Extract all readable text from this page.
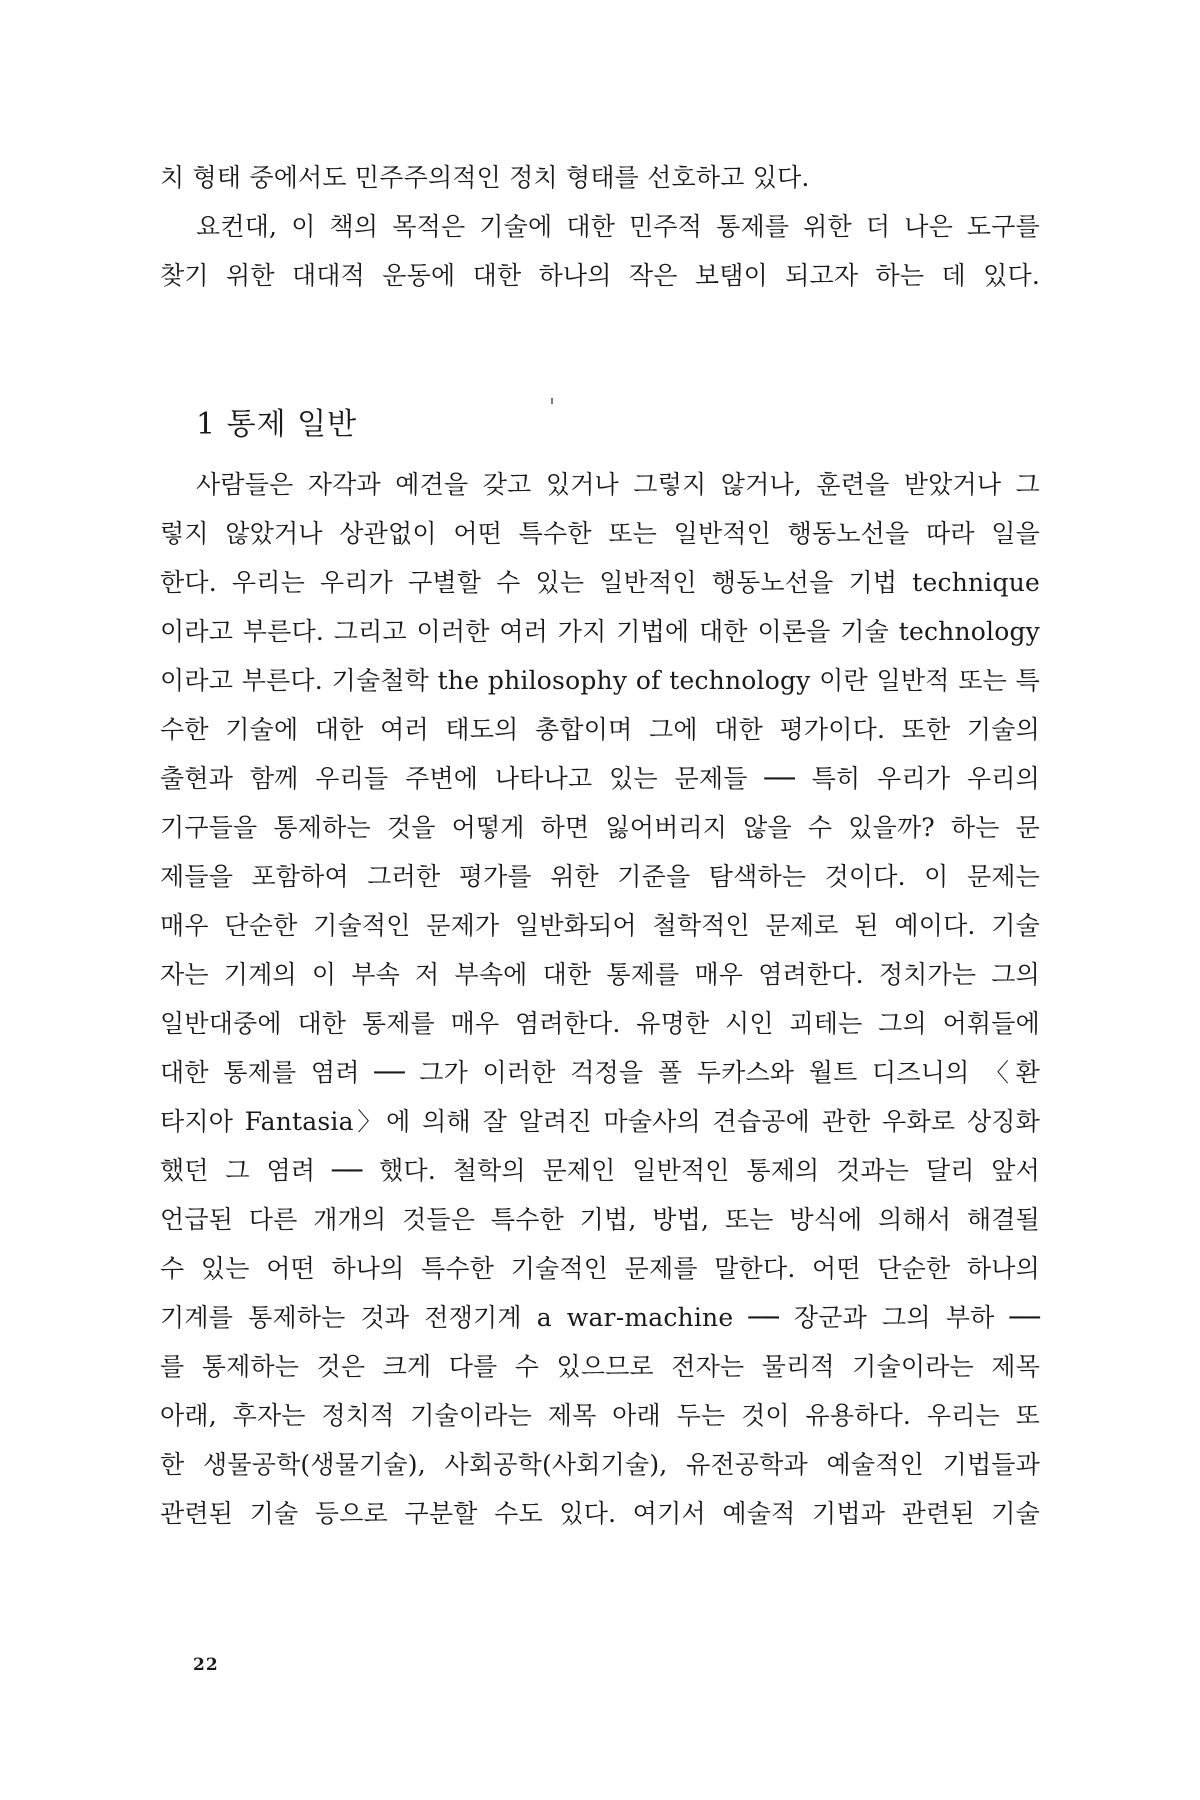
치 형태 중에서도 민주주의적인 정치 형태를 선호하고 있다.
요컨대, 이 책의 목적은 기술에 대한 민주적 통제를 위한 더 나은 도구를
찾기 위한 대대적 운동에 대한 하나의 작은 보탬이 되고자 하는 데 있다.
1 통제 일반
사람들은 자각과 예견을 갖고 있거나 그렇지 않거나, 훈련을 받았거나 그
렇지 않았거나 상관없이 어떤 특수한 또는 일반적인 행동노선을 따라 일을
한다. 우리는 우리가 구별할 수 있는 일반적인 행동노선을 기법 technique
이라고 부른다. 그리고 이러한 여러 가지 기법에 대한 이론을 기술 technology
이라고 부른다. 기술철학 the philosophy of technology 이란 일반적 또는 특
수한 기술에 대한 여러 태도의 총합이며 그에 대한 평가이다. 또한 기술의
출현과 함께 우리들 주변에 나타나고 있는 문제들 ── 특히 우리가 우리의
기구들을 통제하는 것을 어떻게 하면 잃어버리지 않을 수 있을까? 하는 문
제들을 포함하여 그러한 평가를 위한 기준을 탐색하는 것이다. 이 문제는
매우 단순한 기술적인 문제가 일반화되어 철학적인 문제로 된 예이다. 기술
자는 기계의 이 부속 저 부속에 대한 통제를 매우 염려한다. 정치가는 그의
일반대중에 대한 통제를 매우 염려한다. 유명한 시인 괴테는 그의 어휘들에
대한 통제를 염려 ── 그가 이러한 걱정을 폴 두카스와 월트 디즈니의 〈환
타지아 Fantasia〉에 의해 잘 알려진 마술사의 견습공에 관한 우화로 상징화
했던 그 염려 ── 했다. 철학의 문제인 일반적인 통제의 것과는 달리 앞서
언급된 다른 개개의 것들은 특수한 기법, 방법, 또는 방식에 의해서 해결될
수 있는 어떤 하나의 특수한 기술적인 문제를 말한다. 어떤 단순한 하나의
기계를 통제하는 것과 전쟁기계 a war-machine ── 장군과 그의 부하 ──
를 통제하는 것은 크게 다를 수 있으므로 전자는 물리적 기술이라는 제목
아래, 후자는 정치적 기술이라는 제목 아래 두는 것이 유용하다. 우리는 또
한 생물공학(생물기술), 사회공학(사회기술), 유전공학과 예술적인 기법들과
관련된 기술 등으로 구분할 수도 있다. 여기서 예술적 기법과 관련된 기술
22
